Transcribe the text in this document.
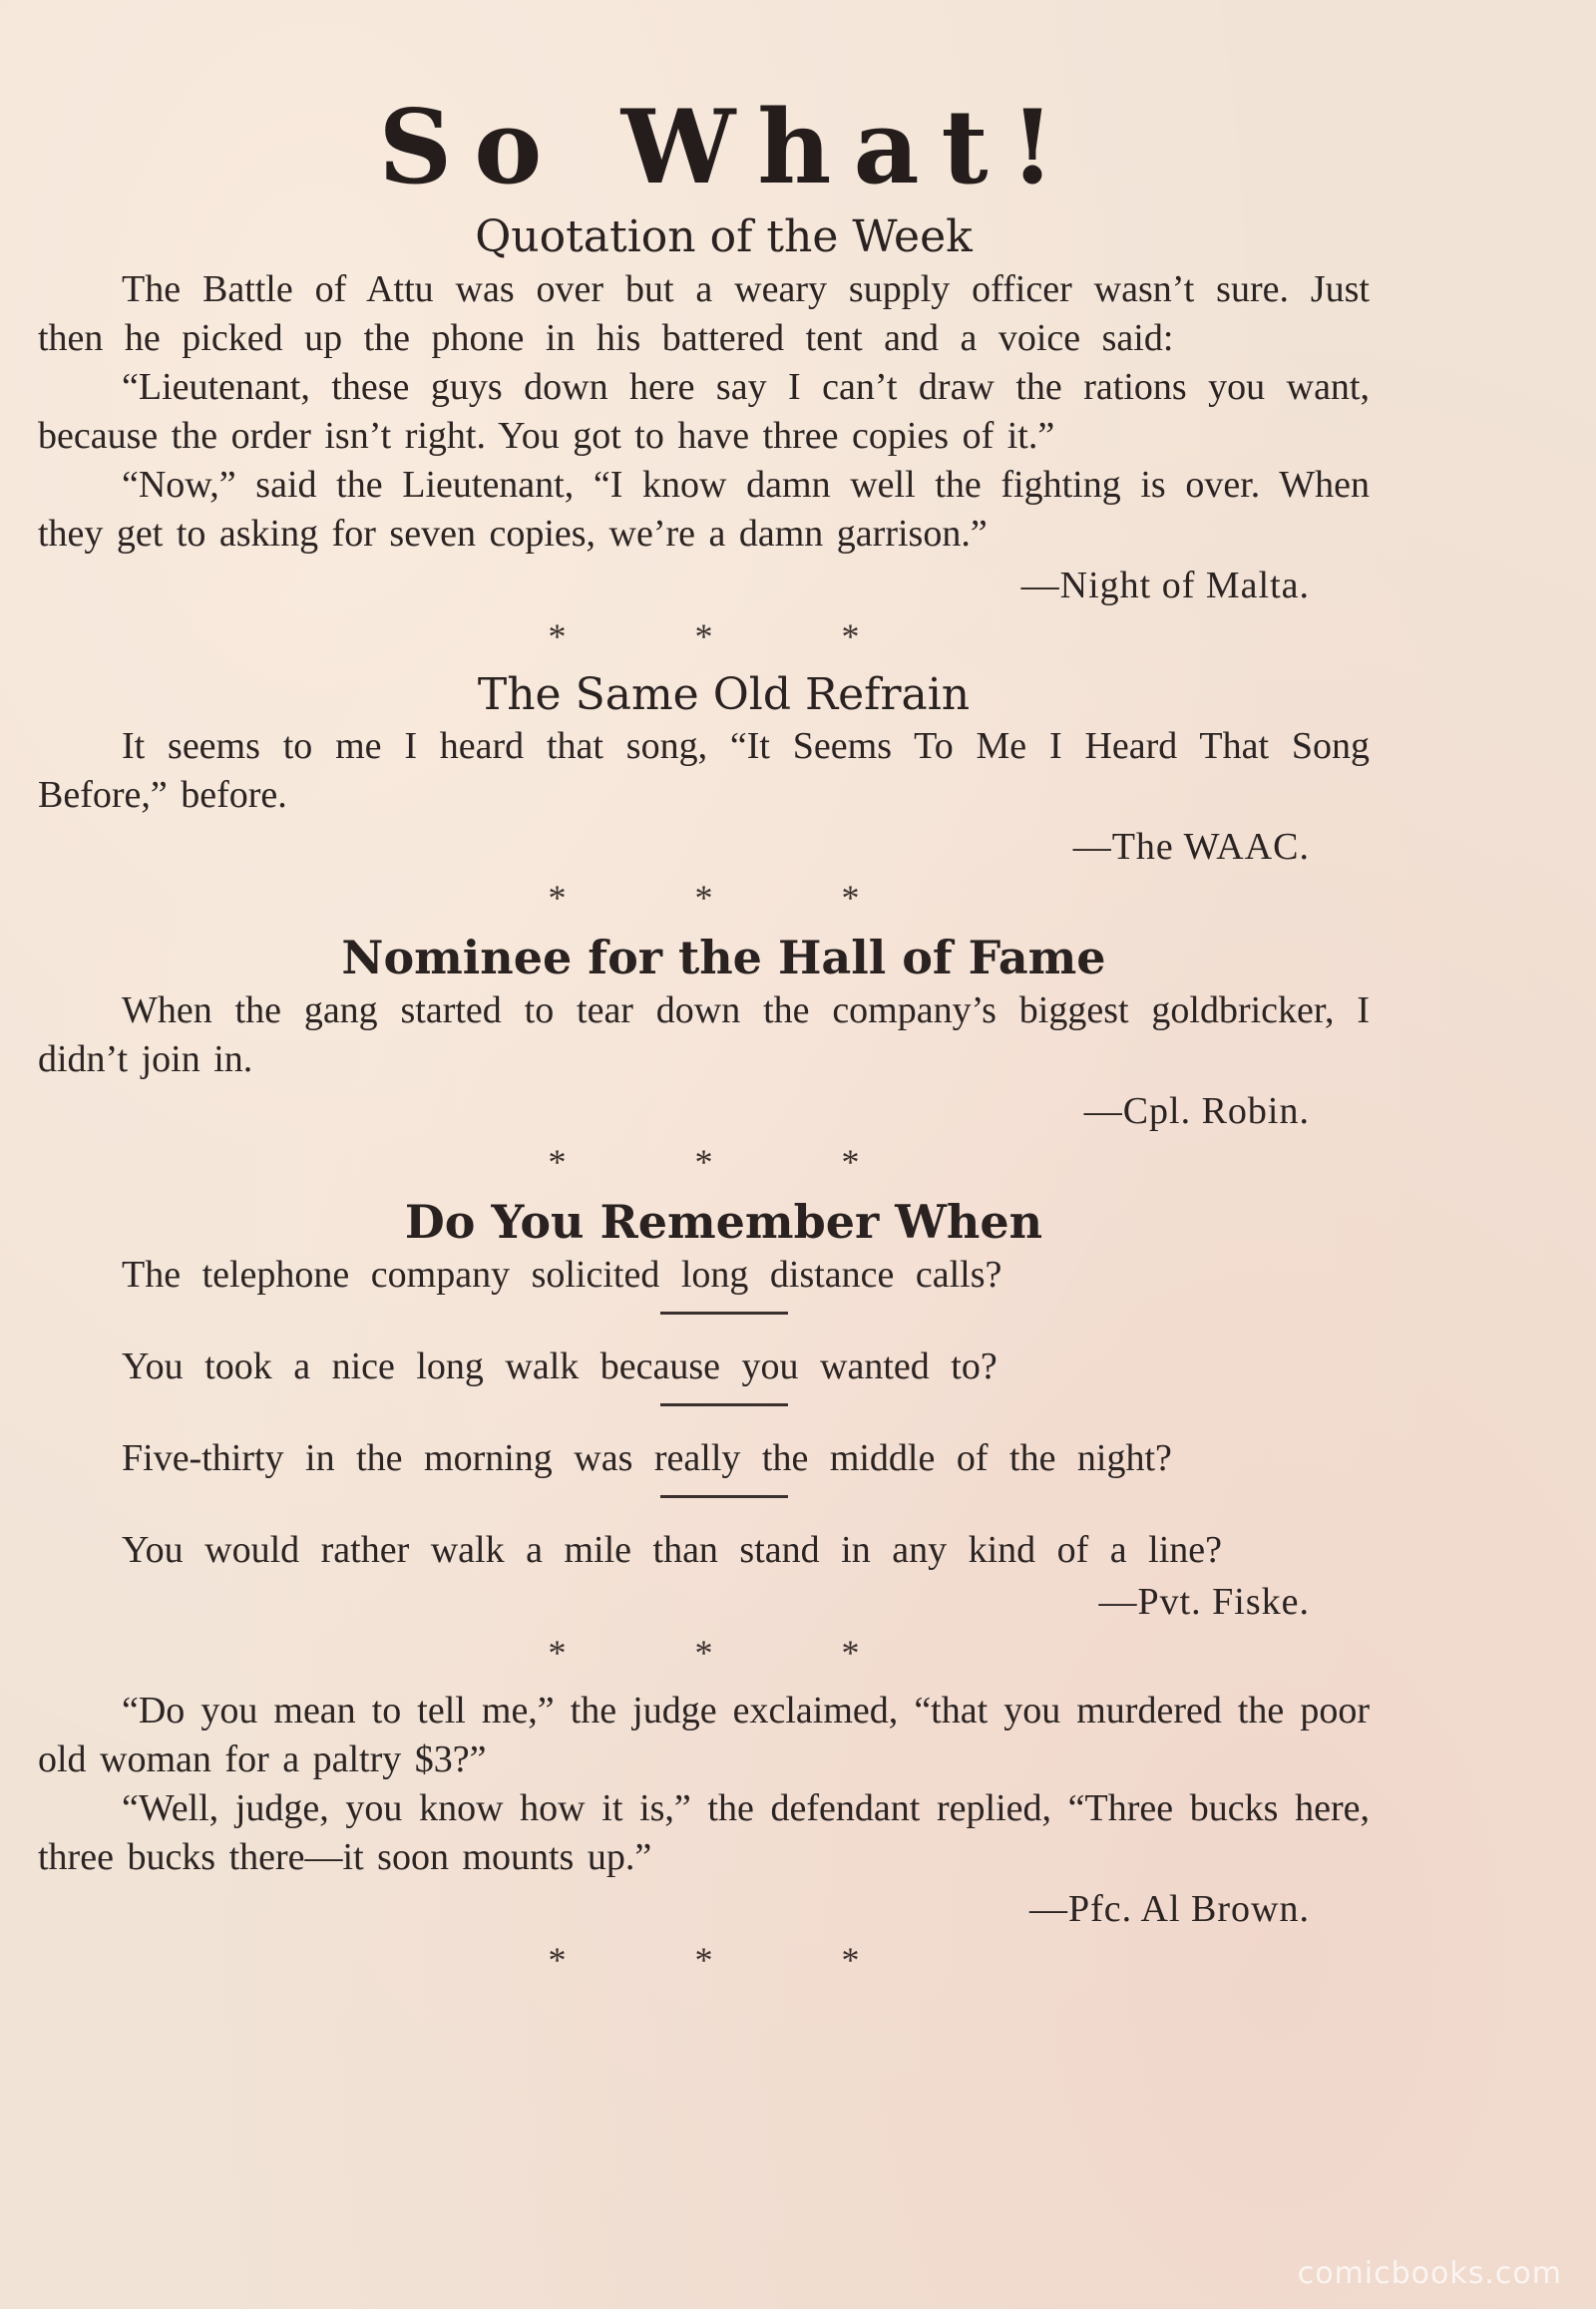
So What!
Quotation of the Week

The Battle of Attu was over but a weary supply officer wasn’t sure. Just then he picked up the phone in his battered tent and a voice said:

“Lieutenant, these guys down here say I can’t draw the rations you want, because the order isn’t right. You got to have three copies of it.”

“Now,” said the Lieutenant, “I know damn well the fighting is over. When they get to asking for seven copies, we’re a damn garrison.”

—Night of Malta.

* * *
The Same Old Refrain

It seems to me I heard that song, “It Seems To Me I Heard That Song Before,” before.

—The WAAC.

* * *
Nominee for the Hall of Fame

When the gang started to tear down the company’s biggest goldbricker, I didn’t join in.

—Cpl. Robin.

* * *
Do You Remember When

The telephone company solicited long distance calls?

You took a nice long walk because you wanted to?

Five-thirty in the morning was really the middle of the night?

You would rather walk a mile than stand in any kind of a line?

—Pvt. Fiske.

* * *

“Do you mean to tell me,” the judge exclaimed, “that you murdered the poor old woman for a paltry $3?”

“Well, judge, you know how it is,” the defendant replied, “Three bucks here, three bucks there—it soon mounts up.”

—Pfc. Al Brown.

* * *
comicbooks.com
